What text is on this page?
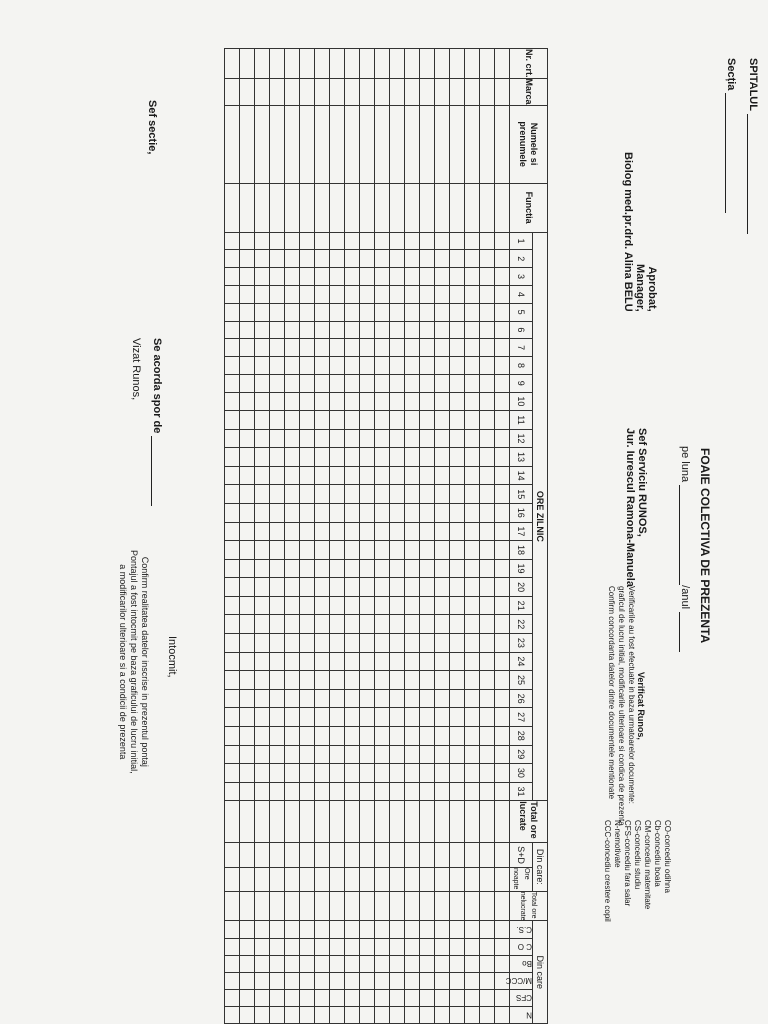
SPITALUL
Secția
FOAIE COLECTIVA DE PREZENTA
pe luna /anul
Aprobat,
Manager,
Biolog med.pr.drd. Alina BELU
Sef Serviciu RUNOS,
Jur. Iurescul Ramona-Manuela
Verificat Runos,
Verificarile au fost efectuate in baza urmatoarelor documente:
graficul de lucru initial, modificarile ulterioare si condica de prezenta
Confirm concordanta datelor dintre documentele mentionate
CO-concediu odihna
Cb-concediu boala
CM-concediu maternitate
CS-concediu studiu
CFS-concediu fara salar
N-nemotivate
CCC-concediu crestere copil
Nr. crt.	Marca	Numele si prenumele	Functia	ORE ZILNIC																															Total ore lucrate	Din care:		Total ore nelucrate	Din care					
				1	2	3	4	5	6	7	8	9	10	11	12	13	14	15	16	17	18	19	20	21	22	23	24	25	26	27	28	29	30	31		S+D	Ore noapte		C.S.	C O	Bo	M/CCC	CFS	N

Sef sectie,
Se acorda spor de
Vizat Runos,
Intocmit,
Confirm realitatea datelor inscrise in prezentul pontaj
Pontajul a fost intocmit pe baza graficului de lucru initial,
a modificarilor ulterioare si a condicii de prezenta
